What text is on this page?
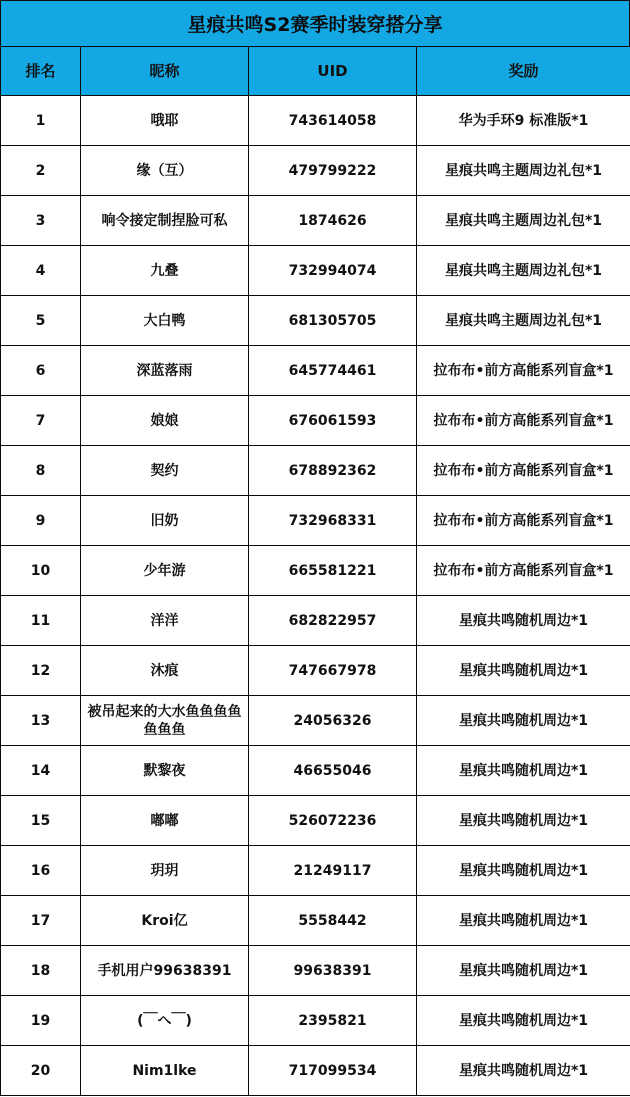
星痕共鸣S2赛季时装穿搭分享
排名	昵称	UID	奖励
1	哦耶	743614058	华为手环9 标准版*1
2	缘（互）	479799222	星痕共鸣主题周边礼包*1
3	响令接定制捏脸可私	1874626	星痕共鸣主题周边礼包*1
4	九叠	732994074	星痕共鸣主题周边礼包*1
5	大白鸭	681305705	星痕共鸣主题周边礼包*1
6	深蓝落雨	645774461	拉布布•前方高能系列盲盒*1
7	娘娘	676061593	拉布布•前方高能系列盲盒*1
8	契约	678892362	拉布布•前方高能系列盲盒*1
9	旧奶	732968331	拉布布•前方高能系列盲盒*1
10	少年游	665581221	拉布布•前方高能系列盲盒*1
11	洋洋	682822957	星痕共鸣随机周边*1
12	沐痕	747667978	星痕共鸣随机周边*1
13	被吊起来的大水鱼鱼鱼鱼鱼鱼鱼	24056326	星痕共鸣随机周边*1
14	默黎夜	46655046	星痕共鸣随机周边*1
15	嘟嘟	526072236	星痕共鸣随机周边*1
16	玥玥	21249117	星痕共鸣随机周边*1
17	Kroi亿	5558442	星痕共鸣随机周边*1
18	手机用户99638391	99638391	星痕共鸣随机周边*1
19	(￣へ￣)	2395821	星痕共鸣随机周边*1
20	Nim1lke	717099534	星痕共鸣随机周边*1
